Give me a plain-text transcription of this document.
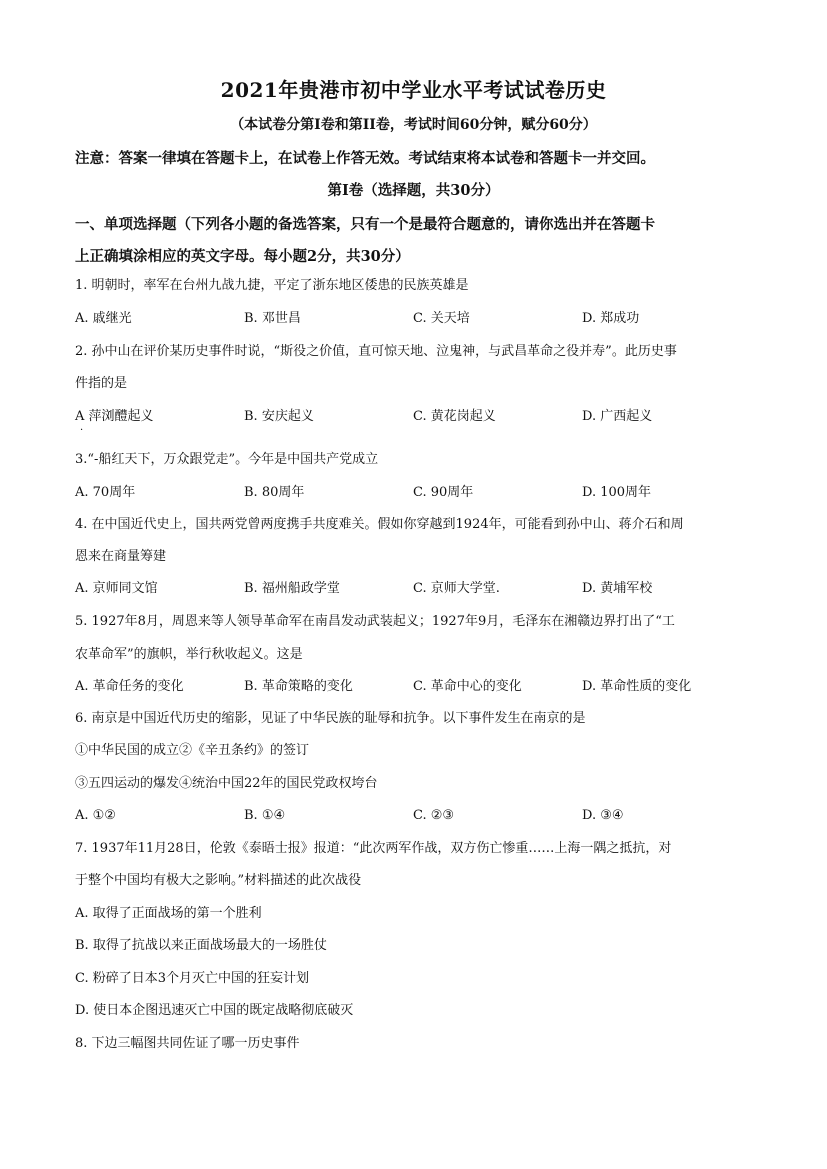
2021年贵港市初中学业水平考试试卷历史
（本试卷分第Ⅰ卷和第II卷，考试时间60分钟，赋分60分）
注意：答案一律填在答题卡上，在试卷上作答无效。考试结束将本试卷和答题卡一并交回。
第Ⅰ卷（选择题，共30分）
一、单项选择题（下列各小题的备选答案，只有一个是最符合题意的，请你选出并在答题卡
上正确填涂相应的英文字母。每小题2分，共30分）
1. 明朝时，率军在台州九战九捷，平定了浙东地区倭患的民族英雄是
A. 戚继光	B. 邓世昌	C. 关天培	D. 郑成功
2. 孙中山在评价某历史事件时说，“斯役之价值，直可惊天地、泣鬼神，与武昌革命之役并寿”。此历史事
件指的是
A 萍浏醴起义	B. 安庆起义	C. 黄花岗起义	D. 广西起义
·
3.“-船红天下，万众跟党走”。今年是中国共产党成立
A. 70周年	B. 80周年	C. 90周年	D. 100周年
4. 在中国近代史上，国共两党曾两度携手共度难关。假如你穿越到1924年，可能看到孙中山、蒋介石和周
恩来在商量筹建
A. 京师同文馆	B. 福州船政学堂	C. 京师大学堂.	D. 黄埔军校
5. 1927年8月，周恩来等人领导革命军在南昌发动武装起义；1927年9月，毛泽东在湘赣边界打出了“工
农革命军”的旗帜，举行秋收起义。这是
A. 革命任务的变化	B. 革命策略的变化	C. 革命中心的变化	D. 革命性质的变化
6. 南京是中国近代历史的缩影，见证了中华民族的耻辱和抗争。以下事件发生在南京的是
①中华民国的成立②《辛丑条约》的签订
③五四运动的爆发④统治中国22年的国民党政权垮台
A. ①②	B. ①④	C. ②③	D. ③④
7. 1937年11月28日，伦敦《泰晤士报》报道：“此次两军作战，双方伤亡惨重……上海一隅之抵抗，对
于整个中国均有极大之影响。”材料描述的此次战役
A. 取得了正面战场的第一个胜利
B. 取得了抗战以来正面战场最大的一场胜仗
C. 粉碎了日本3个月灭亡中国的狂妄计划
D. 使日本企图迅速灭亡中国的既定战略彻底破灭
8. 下边三幅图共同佐证了哪一历史事件
